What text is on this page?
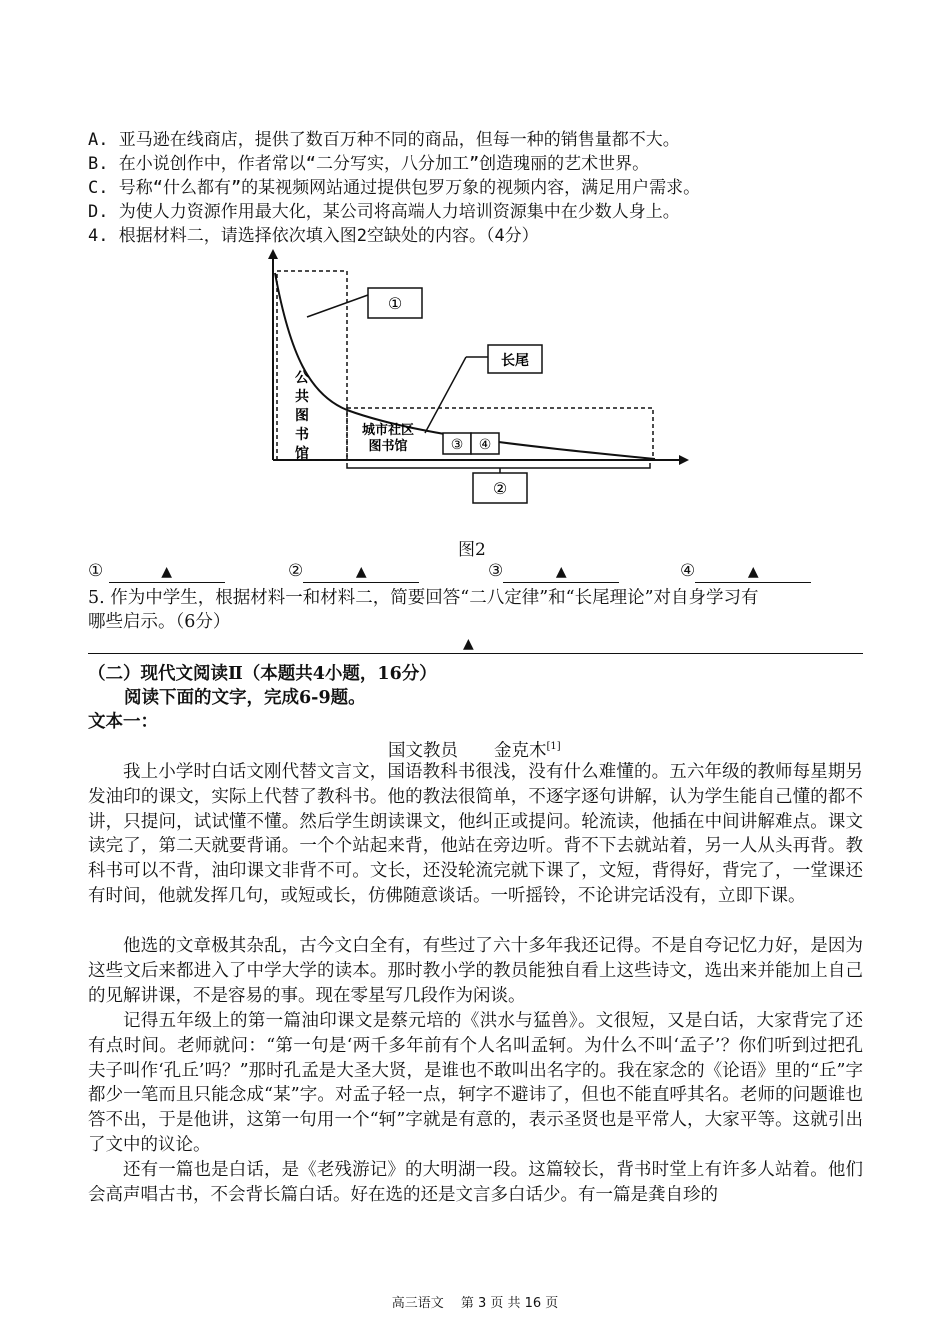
A. 亚马逊在线商店，提供了数百万种不同的商品，但每一种的销售量都不大。
B. 在小说创作中，作者常以“二分写实，八分加工”创造瑰丽的艺术世界。
C. 号称“什么都有”的某视频网站通过提供包罗万象的视频内容，满足用户需求。
D. 为使人力资源作用最大化，某公司将高端人力培训资源集中在少数人身上。
4. 根据材料二，请选择依次填入图2空缺处的内容。（4分）
①
长尾
公 共 图 书 馆
城市社区
图书馆	③ ④
②
图2
①	▲	②	▲	③	▲	④	▲
5. 作为中学生，根据材料一和材料二，简要回答“二八定律”和“长尾理论”对自身学习有
哪些启示。（6分）
▲
（二）现代文阅读Ⅱ（本题共4小题，16分）
阅读下面的文字，完成6-9题。
文本一：
国文教员 金克木[1]
我上小学时白话文刚代替文言文，国语教科书很浅，没有什么难懂的。五六年级的教师每星期另发油印的课文，实际上代替了教科书。他的教法很简单，不逐字逐句讲解，认为学生能自己懂的都不讲，只提问，试试懂不懂。然后学生朗读课文，他纠正或提问。轮流读，他插在中间讲解难点。课文读完了，第二天就要背诵。一个个站起来背，他站在旁边听。背不下去就站着，另一人从头再背。教科书可以不背，油印课文非背不可。文长，还没轮流完就下课了，文短，背得好，背完了，一堂课还有时间，他就发挥几句，或短或长，仿佛随意谈话。一听摇铃，不论讲完话没有，立即下课。
他选的文章极其杂乱，古今文白全有，有些过了六十多年我还记得。不是自夸记忆力好，是因为这些文后来都进入了中学大学的读本。那时教小学的教员能独自看上这些诗文，选出来并能加上自己的见解讲课，不是容易的事。现在零星写几段作为闲谈。
记得五年级上的第一篇油印课文是蔡元培的《洪水与猛兽》。文很短，又是白话，大家背完了还有点时间。老师就问：“第一句是‘两千多年前有个人名叫孟轲。为什么不叫‘孟子’？你们听到过把孔夫子叫作‘孔丘’吗？”那时孔孟是大圣大贤，是谁也不敢叫出名字的。我在家念的《论语》里的“丘”字都少一笔而且只能念成“某”字。对孟子轻一点，轲字不避讳了，但也不能直呼其名。老师的问题谁也答不出，于是他讲，这第一句用一个“轲”字就是有意的，表示圣贤也是平常人，大家平等。这就引出了文中的议论。
还有一篇也是白话，是《老残游记》的大明湖一段。这篇较长，背书时堂上有许多人站着。他们会高声唱古书，不会背长篇白话。好在选的还是文言多白话少。有一篇是龚自珍的
高三语文　 第 3 页 共 16 页
